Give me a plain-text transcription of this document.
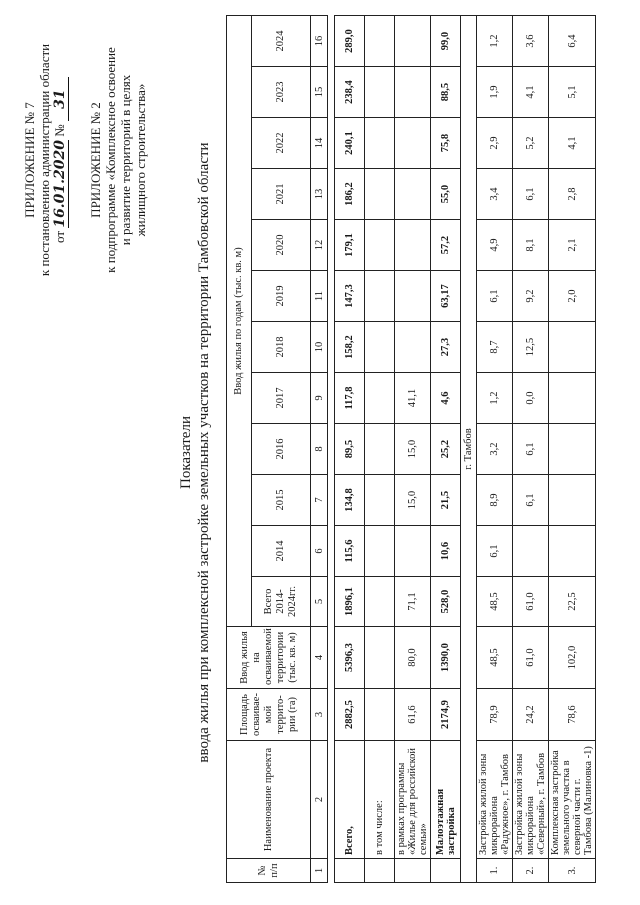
ПРИЛОЖЕНИЕ № 7 к постановлению администрации области от 16.01.2020 № 31
ПРИЛОЖЕНИЕ № 2 к подпрограмме «Комплексное освоение и развитие территорий в целях жилищного строительства»
Показатели ввода жилья при комплексной застройке земельных участков на территории Тамбовской области
№ п/п	Наименование проекта	Площадь осваивае-мой террито-рии (га)	Ввод жилья на осваиваемой территории (тыс. кв. м)	Ввод жилья по годам (тыс. кв. м)											
				Всего 2014-2024гг.	2014	2015	2016	2017	2018	2019	2020	2021	2022	2023	2024
1	2	3	4	5	6	7	8	9	10	11	12	13	14	15	16

	Всего,	2882,5	5396,3	1896,1	115,6	134,8	89,5	117,8	158,2	147,3	179,1	186,2	240,1	238,4	289,0
	в том числе:														
	в рамках программы «Жилье для российской семьи»	61,6	80,0	71,1		15,0	15,0	41,1							
	Малоэтажная застройка	2174,9	1390,0	528,0	10,6	21,5	25,2	4,6	27,3	63,17	57,2	55,0	75,8	88,5	99,0
г. Тамбов															
1.	Застройка жилой зоны микрорайона «Радужное», г. Тамбов	78,9	48,5	48,5	6,1	8,9	3,2	1,2	8,7	6,1	4,9	3,4	2,9	1,9	1,2
2.	Застройка жилой зоны микрорайона «Северный», г. Тамбов	24,2	61,0	61,0		6,1	6,1	0,0	12,5	9,2	8,1	6,1	5,2	4,1	3,6
3.	Комплексная застройка земельного участка в северной части г. Тамбова (Малиновка -1)	78,6	102,0	22,5						2,0	2,1	2,8	4,1	5,1	6,4
